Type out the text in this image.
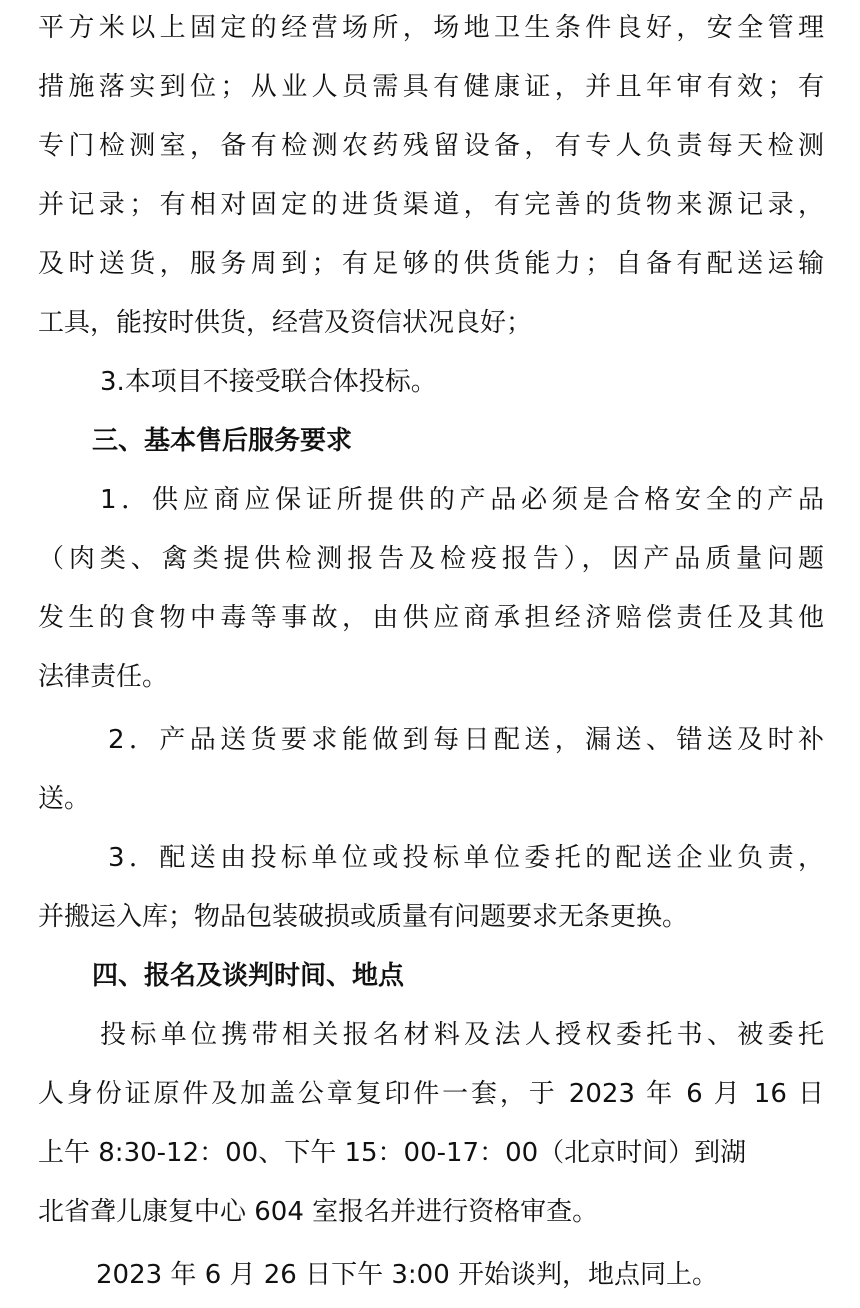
平方米以上固定的经营场所，场地卫生条件良好，安全管理
措施落实到位；从业人员需具有健康证，并且年审有效；有
专门检测室，备有检测农药残留设备，有专人负责每天检测
并记录；有相对固定的进货渠道，有完善的货物来源记录，
及时送货，服务周到；有足够的供货能力；自备有配送运输
工具，能按时供货，经营及资信状况良好；
3.本项目不接受联合体投标。
三、基本售后服务要求
1．供应商应保证所提供的产品必须是合格安全的产品
（肉类、禽类提供检测报告及检疫报告），因产品质量问题
发生的食物中毒等事故，由供应商承担经济赔偿责任及其他
法律责任。
2．产品送货要求能做到每日配送，漏送、错送及时补
送。
3．配送由投标单位或投标单位委托的配送企业负责，
并搬运入库；物品包装破损或质量有问题要求无条更换。
四、报名及谈判时间、地点
投标单位携带相关报名材料及法人授权委托书、被委托
人身份证原件及加盖公章复印件一套，于 2023 年 6 月 16 日
上午 8:30-12：00、下午 15：00-17：00（北京时间）到湖
北省聋儿康复中心 604 室报名并进行资格审查。
2023 年 6 月 26 日下午 3:00 开始谈判，地点同上。
